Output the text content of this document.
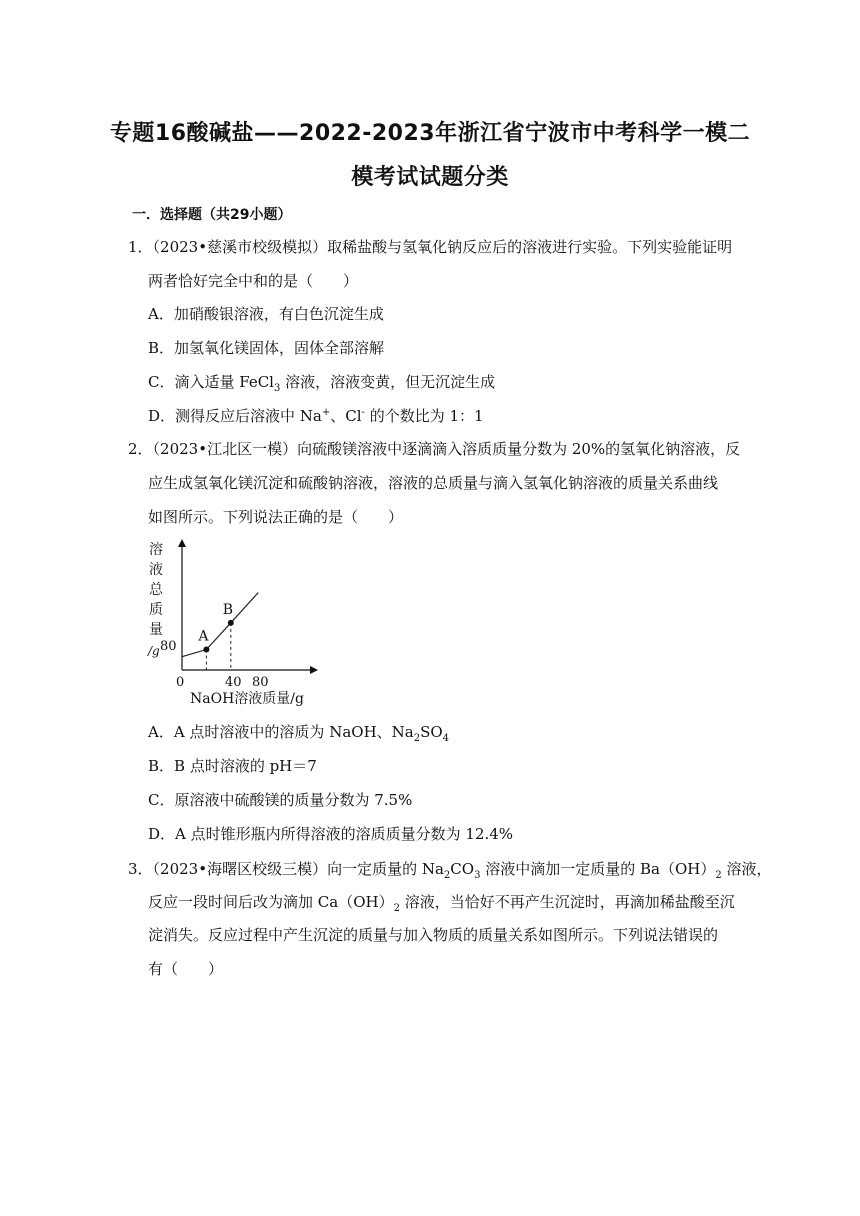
专题16酸碱盐——2022-2023年浙江省宁波市中考科学一模二
模考试试题分类
一．选择题（共29小题）
1．（2023•慈溪市校级模拟）取稀盐酸与氢氧化钠反应后的溶液进行实验。下列实验能证明
两者恰好完全中和的是（　　）
A．加硝酸银溶液，有白色沉淀生成
B．加氢氧化镁固体，固体全部溶解
C．滴入适量 FeCl$_3$ 溶液，溶液变黄，但无沉淀生成
D．测得反应后溶液中 Na+、Cl- 的个数比为 1：1
2．（2023•江北区一模）向硫酸镁溶液中逐滴滴入溶质质量分数为 20%的氢氧化钠溶液，反
应生成氢氧化镁沉淀和硫酸钠溶液，溶液的总质量与滴入氢氧化钠溶液的质量关系曲线
如图所示。下列说法正确的是（　　）
溶
液
总
质
量
/g
0	40 80
80
NaOH溶液质量/g
A
B
A．A 点时溶液中的溶质为 NaOH、$Na_2SO_4$
B．B 点时溶液的 pH＝7
C．原溶液中硫酸镁的质量分数为 7.5%
D．A 点时锥形瓶内所得溶液的溶质质量分数为 12.4%
3．（2023•海曙区校级三模）向一定质量的 $Na_2CO_3$ 溶液中滴加一定质量的 $Ba(OH)_2$ 溶液，
反应一段时间后改为滴加 $Ca(OH)_2$ 溶液，当恰好不再产生沉淀时，再滴加稀盐酸至沉
淀消失。反应过程中产生沉淀的质量与加入物质的质量关系如图所示。下列说法错误的
有（　　）
